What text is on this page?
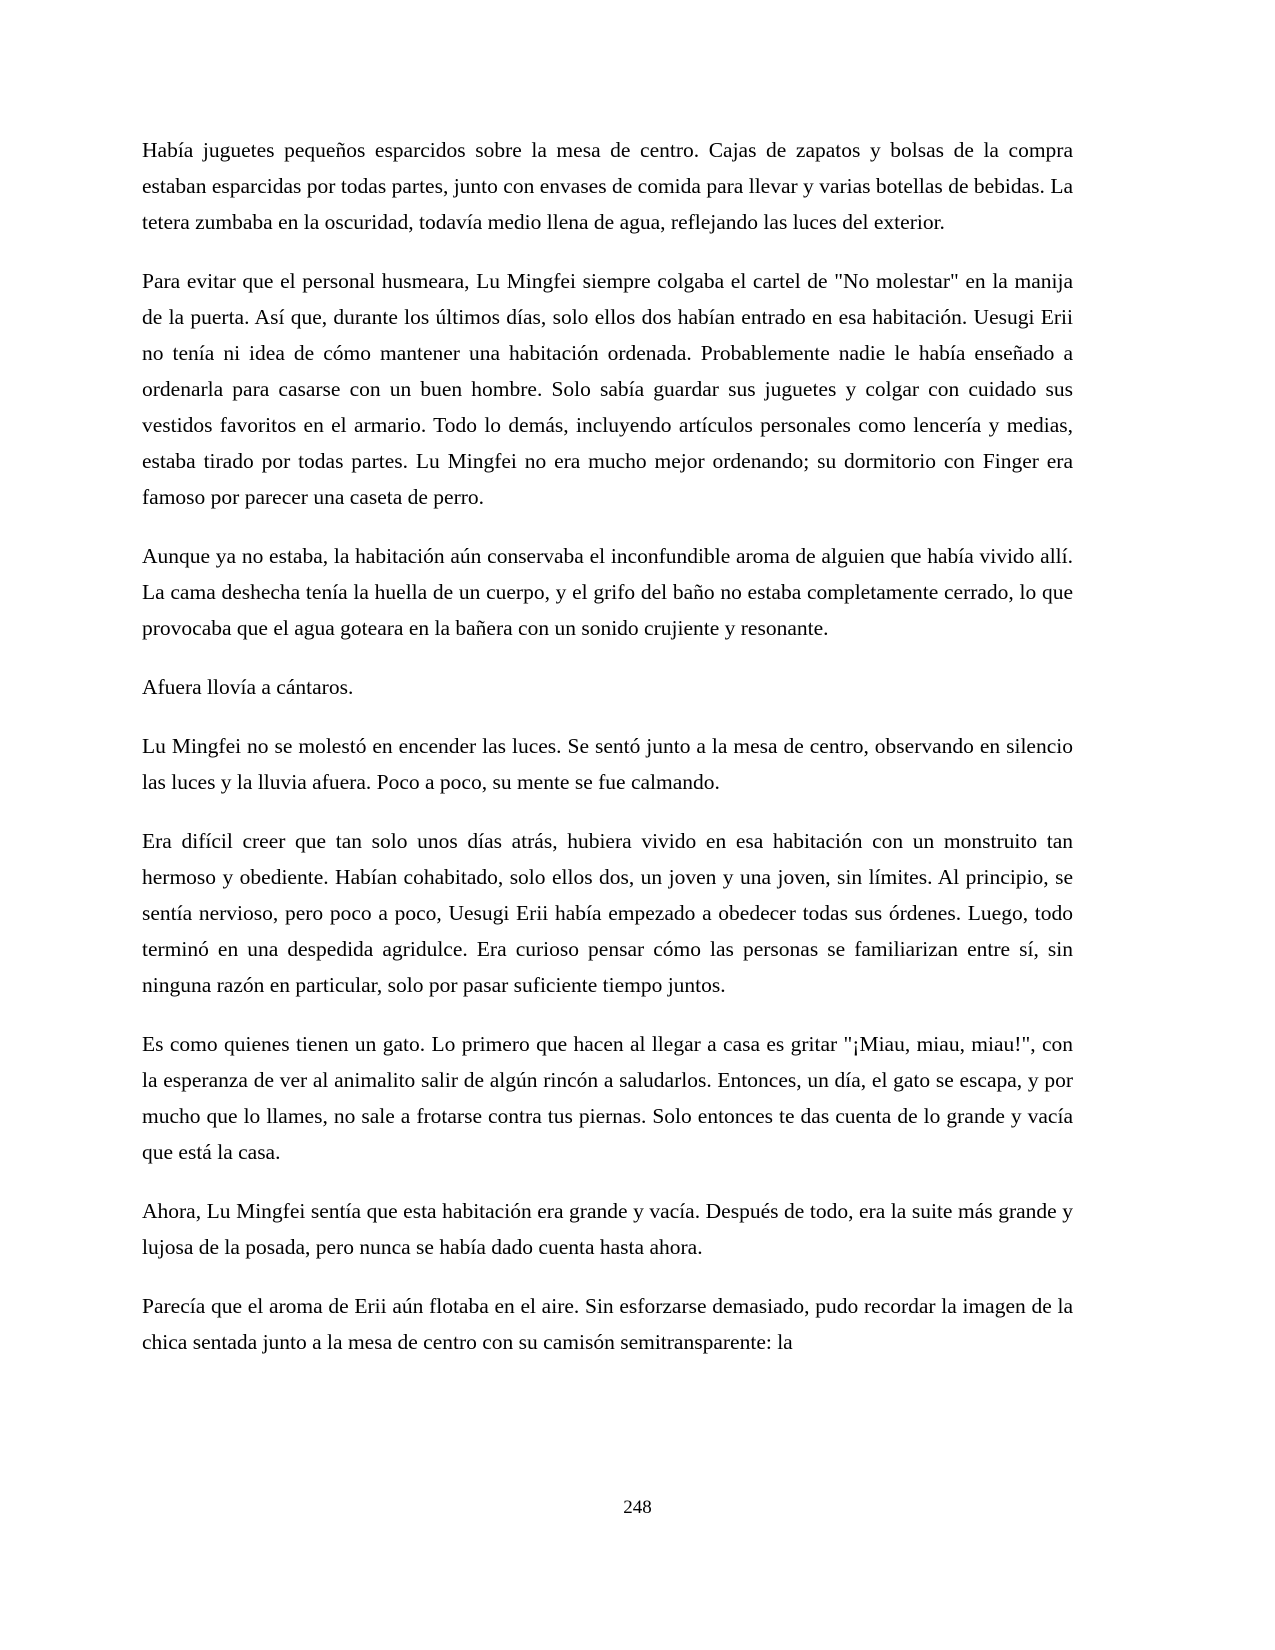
Había juguetes pequeños esparcidos sobre la mesa de centro. Cajas de zapatos y bolsas de la compra estaban esparcidas por todas partes, junto con envases de comida para llevar y varias botellas de bebidas. La tetera zumbaba en la oscuridad, todavía medio llena de agua, reflejando las luces del exterior.

Para evitar que el personal husmeara, Lu Mingfei siempre colgaba el cartel de "No molestar" en la manija de la puerta. Así que, durante los últimos días, solo ellos dos habían entrado en esa habitación. Uesugi Erii no tenía ni idea de cómo mantener una habitación ordenada. Probablemente nadie le había enseñado a ordenarla para casarse con un buen hombre. Solo sabía guardar sus juguetes y colgar con cuidado sus vestidos favoritos en el armario. Todo lo demás, incluyendo artículos personales como lencería y medias, estaba tirado por todas partes. Lu Mingfei no era mucho mejor ordenando; su dormitorio con Finger era famoso por parecer una caseta de perro.

Aunque ya no estaba, la habitación aún conservaba el inconfundible aroma de alguien que había vivido allí. La cama deshecha tenía la huella de un cuerpo, y el grifo del baño no estaba completamente cerrado, lo que provocaba que el agua goteara en la bañera con un sonido crujiente y resonante.

Afuera llovía a cántaros.

Lu Mingfei no se molestó en encender las luces. Se sentó junto a la mesa de centro, observando en silencio las luces y la lluvia afuera. Poco a poco, su mente se fue calmando.

Era difícil creer que tan solo unos días atrás, hubiera vivido en esa habitación con un monstruito tan hermoso y obediente. Habían cohabitado, solo ellos dos, un joven y una joven, sin límites. Al principio, se sentía nervioso, pero poco a poco, Uesugi Erii había empezado a obedecer todas sus órdenes. Luego, todo terminó en una despedida agridulce. Era curioso pensar cómo las personas se familiarizan entre sí, sin ninguna razón en particular, solo por pasar suficiente tiempo juntos.

Es como quienes tienen un gato. Lo primero que hacen al llegar a casa es gritar "¡Miau, miau, miau!", con la esperanza de ver al animalito salir de algún rincón a saludarlos. Entonces, un día, el gato se escapa, y por mucho que lo llames, no sale a frotarse contra tus piernas. Solo entonces te das cuenta de lo grande y vacía que está la casa.

Ahora, Lu Mingfei sentía que esta habitación era grande y vacía. Después de todo, era la suite más grande y lujosa de la posada, pero nunca se había dado cuenta hasta ahora.

Parecía que el aroma de Erii aún flotaba en el aire. Sin esforzarse demasiado, pudo recordar la imagen de la chica sentada junto a la mesa de centro con su camisón semitransparente: la

248
